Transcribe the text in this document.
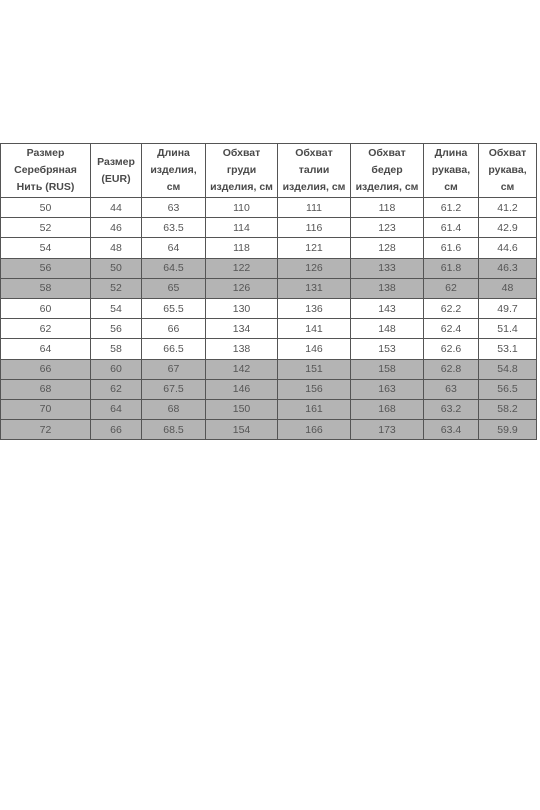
Размер
Серебряная
Нить (RUS)	Размер
(EUR)	Длина
изделия,
см	Обхват
груди
изделия, см	Обхват
талии
изделия, см	Обхват
бедер
изделия, см	Длина
рукава,
см	Обхват
рукава,
см

50	44	63	110	111	118	61.2	41.2
52	46	63.5	114	116	123	61.4	42.9
54	48	64	118	121	128	61.6	44.6
56	50	64.5	122	126	133	61.8	46.3
58	52	65	126	131	138	62	48
60	54	65.5	130	136	143	62.2	49.7
62	56	66	134	141	148	62.4	51.4
64	58	66.5	138	146	153	62.6	53.1
66	60	67	142	151	158	62.8	54.8
68	62	67.5	146	156	163	63	56.5
70	64	68	150	161	168	63.2	58.2
72	66	68.5	154	166	173	63.4	59.9
